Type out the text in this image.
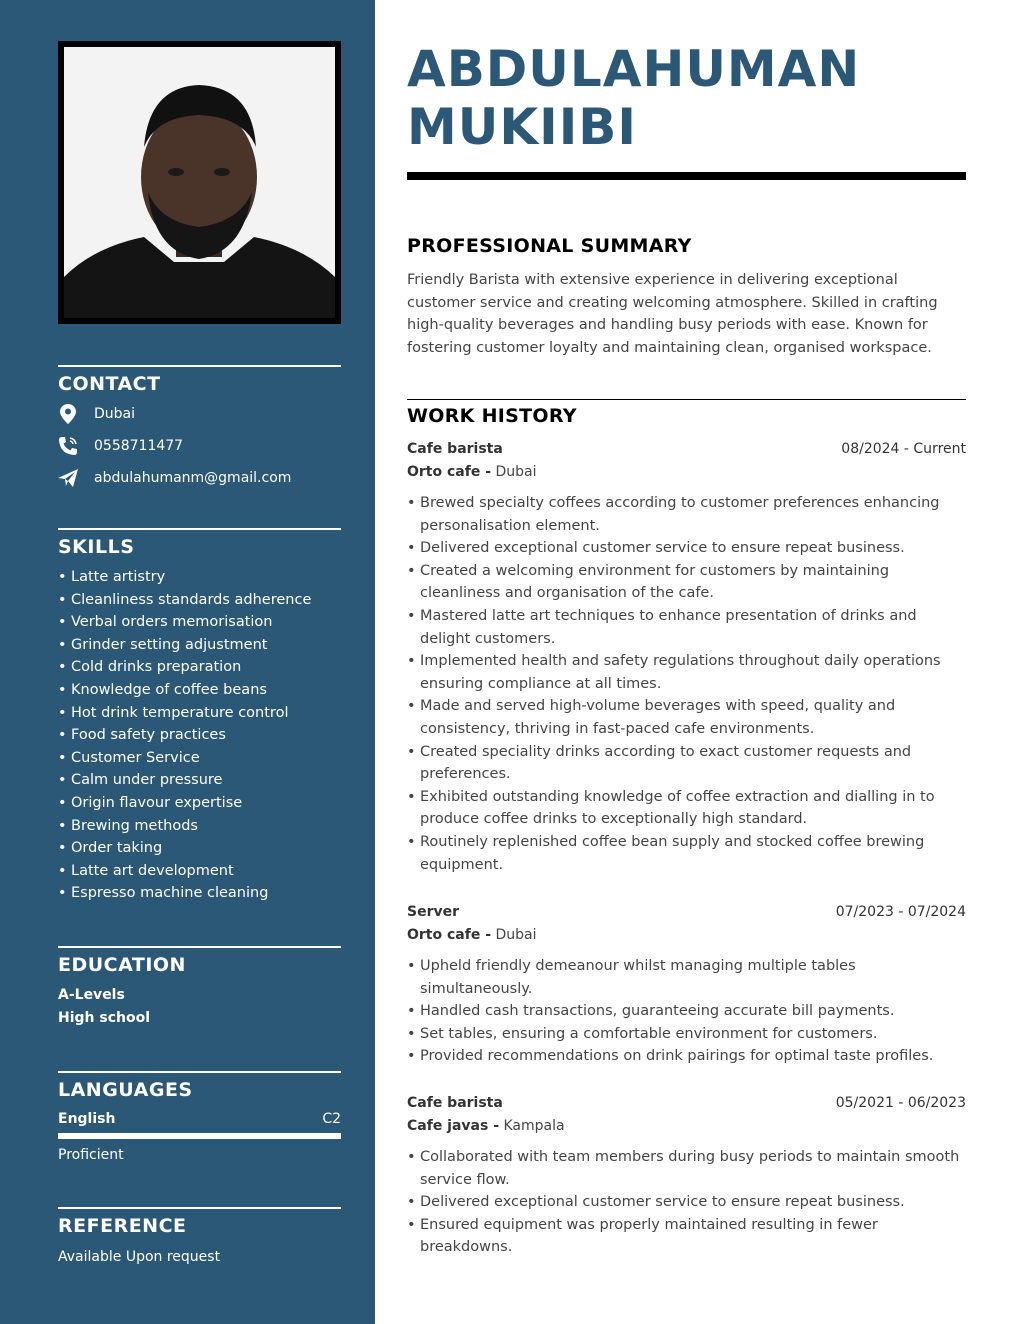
CONTACT
Dubai
0558711477
abdulahumanm@gmail.com
SKILLS
• Latte artistry
• Cleanliness standards adherence
• Verbal orders memorisation
• Grinder setting adjustment
• Cold drinks preparation
• Knowledge of coffee beans
• Hot drink temperature control
• Food safety practices
• Customer Service
• Calm under pressure
• Origin flavour expertise
• Brewing methods
• Order taking
• Latte art development
• Espresso machine cleaning
EDUCATION
A-Levels
High school
LANGUAGES
English	C2
Proficient
REFERENCE
Available Upon request
ABDULAHUMAN
MUKIIBI
PROFESSIONAL SUMMARY
Friendly Barista with extensive experience in delivering exceptional customer service and creating welcoming atmosphere. Skilled in crafting high-quality beverages and handling busy periods with ease. Known for fostering customer loyalty and maintaining clean, organised workspace.
WORK HISTORY
Cafe barista	08/2024 - Current
Orto cafe - Dubai
• Brewed specialty coffees according to customer preferences enhancing personalisation element.
• Delivered exceptional customer service to ensure repeat business.
• Created a welcoming environment for customers by maintaining cleanliness and organisation of the cafe.
• Mastered latte art techniques to enhance presentation of drinks and delight customers.
• Implemented health and safety regulations throughout daily operations ensuring compliance at all times.
• Made and served high-volume beverages with speed, quality and consistency, thriving in fast-paced cafe environments.
• Created speciality drinks according to exact customer requests and preferences.
• Exhibited outstanding knowledge of coffee extraction and dialling in to produce coffee drinks to exceptionally high standard.
• Routinely replenished coffee bean supply and stocked coffee brewing equipment.
Server	07/2023 - 07/2024
Orto cafe - Dubai
• Upheld friendly demeanour whilst managing multiple tables simultaneously.
• Handled cash transactions, guaranteeing accurate bill payments.
• Set tables, ensuring a comfortable environment for customers.
• Provided recommendations on drink pairings for optimal taste profiles.
Cafe barista	05/2021 - 06/2023
Cafe javas - Kampala
• Collaborated with team members during busy periods to maintain smooth service flow.
• Delivered exceptional customer service to ensure repeat business.
• Ensured equipment was properly maintained resulting in fewer breakdowns.
